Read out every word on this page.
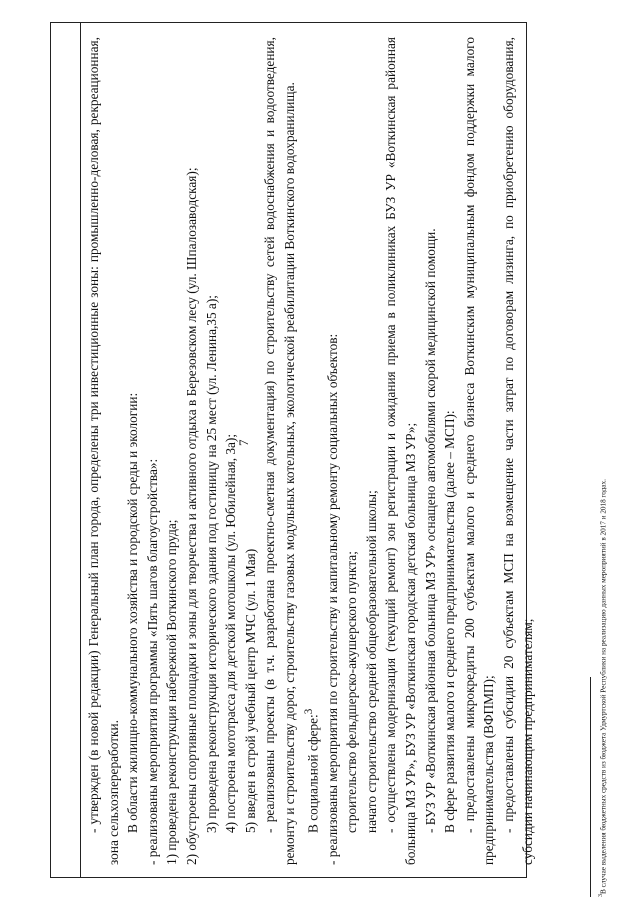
7

- утвержден (в новой редакции) Генеральный план города, определены три инвестиционные зоны: промышленно-деловая, рекреационная, зона сельхозпереработки. В области жилищно-коммунального хозяйства и городской среды и экологии: - реализованы мероприятия программы «Пять шагов благоустройства»: 1) проведена реконструкция набережной Воткинского пруда; 2) обустроены спортивные площадки и зоны для творчества и активного отдыха в Березовском лесу (ул. Шпалозаводская); 3) проведена реконструкция исторического здания под гостиницу на 25 мест (ул. Ленина,35 а); 4) построена мототрасса для детской мотошколы (ул. Юбилейная, 3а); 5) введен в строй учебный центр МЧС (ул. 1 Мая) - реализованы проекты (в т.ч. разработана проектно-сметная документация) по строительству сетей водоснабжения и водоотведения, ремонту и строительству дорог, строительству газовых модульных котельных, экологической реабилитации Воткинского водохранилища. В социальной сфере:$^3$ - реализованы мероприятия по строительству и капитальному ремонту социальных объектов: строительство фельдшерско-акушерского пункта; начато строительство средней общеобразовательной школы; - осуществлена модернизация (текущий ремонт) зон регистрации и ожидания приема в поликлиниках БУЗ УР «Воткинская районная больница МЗ УР», БУЗ УР «Воткинская городская детская больница МЗ УР»; - БУЗ УР «Воткинская районная больница МЗ УР» оснащено автомобилями скорой медицинской помощи. В сфере развития малого и среднего предпринимательства (далее – МСП): - предоставлены микрокредиты 200 субъектам малого и среднего бизнеса Воткинским муниципальным фондом поддержки малого предпринимательства (ВФПМП); - предоставлены субсидии 20 субъектам МСП на возмещение части затрат по договорам лизинга, по приобретению оборудования, субсидии начинающим предпринимателям;

$^3$В случае выделения бюджетных средств из бюджета Удмуртской Республики на реализацию данных мероприятий в 2017 и 2018 годах.
